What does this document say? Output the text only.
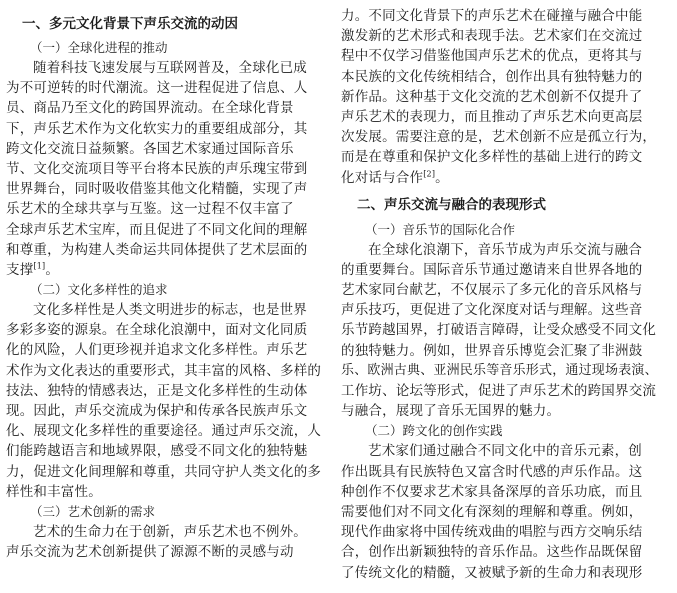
一、多元文化背景下声乐交流的动因
（一）全球化进程的推动
随着科技飞速发展与互联网普及，全球化已成
为不可逆转的时代潮流。这一进程促进了信息、人
员、商品乃至文化的跨国界流动。在全球化背景
下，声乐艺术作为文化软实力的重要组成部分，其
跨文化交流日益频繁。各国艺术家通过国际音乐
节、文化交流项目等平台将本民族的声乐瑰宝带到
世界舞台，同时吸收借鉴其他文化精髓，实现了声
乐艺术的全球共享与互鉴。这一过程不仅丰富了
全球声乐艺术宝库，而且促进了不同文化间的理解
和尊重，为构建人类命运共同体提供了艺术层面的
支撑[1]。
（二）文化多样性的追求
文化多样性是人类文明进步的标志，也是世界
多彩多姿的源泉。在全球化浪潮中，面对文化同质
化的风险，人们更珍视并追求文化多样性。声乐艺
术作为文化表达的重要形式，其丰富的风格、多样的
技法、独特的情感表达，正是文化多样性的生动体
现。因此，声乐交流成为保护和传承各民族声乐文
化、展现文化多样性的重要途径。通过声乐交流，人
们能跨越语言和地域界限，感受不同文化的独特魅
力，促进文化间理解和尊重，共同守护人类文化的多
样性和丰富性。
（三）艺术创新的需求
艺术的生命力在于创新，声乐艺术也不例外。
声乐交流为艺术创新提供了源源不断的灵感与动
力。不同文化背景下的声乐艺术在碰撞与融合中能
激发新的艺术形式和表现手法。艺术家们在交流过
程中不仅学习借鉴他国声乐艺术的优点，更将其与
本民族的文化传统相结合，创作出具有独特魅力的
新作品。这种基于文化交流的艺术创新不仅提升了
声乐艺术的表现力，而且推动了声乐艺术向更高层
次发展。需要注意的是，艺术创新不应是孤立行为，
而是在尊重和保护文化多样性的基础上进行的跨文
化对话与合作[2]。
二、声乐交流与融合的表现形式
（一）音乐节的国际化合作
在全球化浪潮下，音乐节成为声乐交流与融合
的重要舞台。国际音乐节通过邀请来自世界各地的
艺术家同台献艺，不仅展示了多元化的音乐风格与
声乐技巧，更促进了文化深度对话与理解。这些音
乐节跨越国界，打破语言障碍，让受众感受不同文化
的独特魅力。例如，世界音乐博览会汇聚了非洲鼓
乐、欧洲古典、亚洲民乐等音乐形式，通过现场表演、
工作坊、论坛等形式，促进了声乐艺术的跨国界交流
与融合，展现了音乐无国界的魅力。
（二）跨文化的创作实践
艺术家们通过融合不同文化中的音乐元素，创
作出既具有民族特色又富含时代感的声乐作品。这
种创作不仅要求艺术家具备深厚的音乐功底，而且
需要他们对不同文化有深刻的理解和尊重。例如，
现代作曲家将中国传统戏曲的唱腔与西方交响乐结
合，创作出新颖独特的音乐作品。这些作品既保留
了传统文化的精髓，又被赋予新的生命力和表现形
